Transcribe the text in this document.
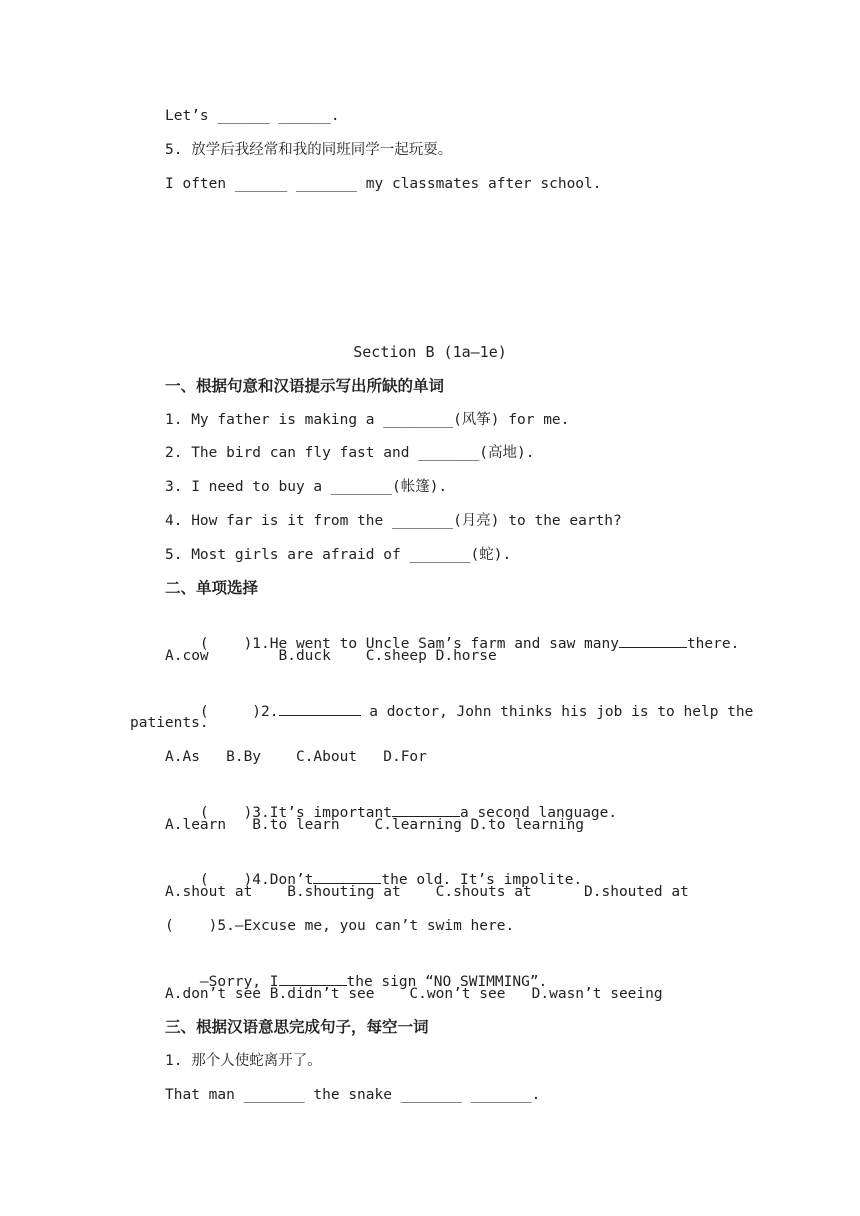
Let’s ______ ______.
5. 放学后我经常和我的同班同学一起玩耍。
I often ______ _______ my classmates after school.
Section B (1a—1e)
一、根据句意和汉语提示写出所缺的单词
1. My father is making a ________(风筝) for me.
2. The bird can fly fast and _______(高地).
3. I need to buy a _______(帐篷).
4. How far is it from the _______(月亮) to the earth?
5. Most girls are afraid of _______(蛇).
二、单项选择

(    )1.He went to Uncle Sam’s farm and saw many	there.

A.cow        B.duck    C.sheep D.horse

(     )2.	a doctor, John thinks his job is to help the

patients.
A.As   B.By    C.About   D.For

(    )3.It’s important	a second language.

A.learn   B.to learn    C.learning D.to learning

(    )4.Don’t	the old. It’s impolite.

A.shout at    B.shouting at    C.shouts at      D.shouted at
(    )5.—Excuse me, you can’t swim here.

—Sorry, I	the sign “NO SWIMMING”.

A.don’t see B.didn’t see    C.won’t see   D.wasn’t seeing
三、根据汉语意思完成句子，每空一词
1. 那个人使蛇离开了。
That man _______ the snake _______ _______.
